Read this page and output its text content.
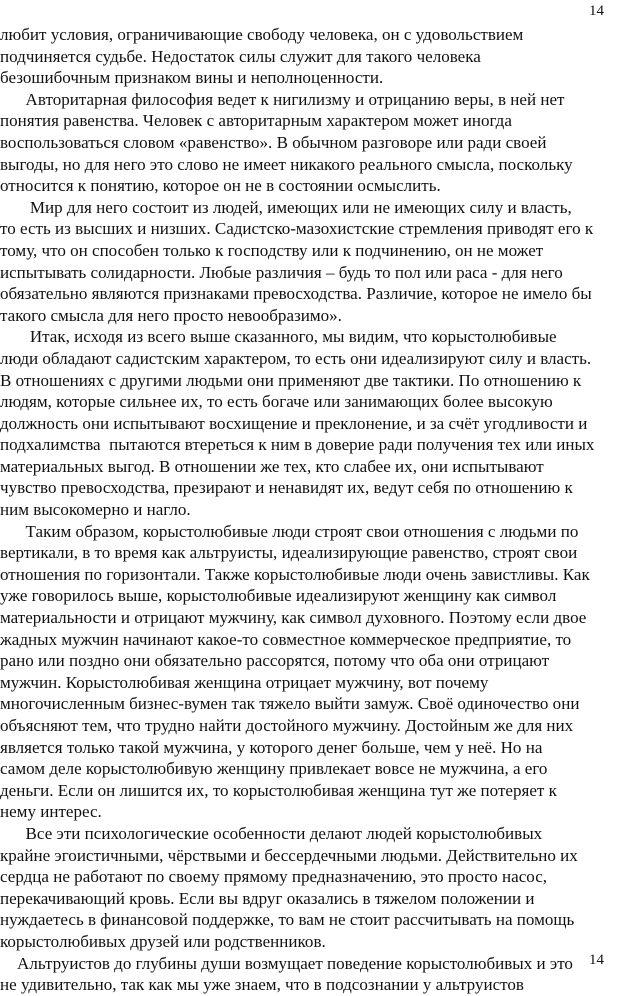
14

любит условия, ограничивающие свободу человека, он с удовольствием
подчиняется судьбе. Недостаток силы служит для такого человека
безошибочным признаком вины и неполноценности.

Авторитарная философия ведет к нигилизму и отрицанию веры, в ней нет
понятия равенства. Человек с авторитарным характером может иногда
воспользоваться словом «равенство». В обычном разговоре или ради своей
выгоды, но для него это слово не имеет никакого реального смысла, поскольку
относится к понятию, которое он не в состоянии осмыслить.

Мир для него состоит из людей, имеющих или не имеющих силу и власть,
то есть из высших и низших. Садистско-мазохистские стремления приводят его к
тому, что он способен только к господству или к подчинению, он не может
испытывать солидарности. Любые различия – будь то пол или раса - для него
обязательно являются признаками превосходства. Различие, которое не имело бы
такого смысла для него просто невообразимо».

Итак, исходя из всего выше сказанного, мы видим, что корыстолюбивые
люди обладают садистским характером, то есть они идеализируют силу и власть.
В отношениях с другими людьми они применяют две тактики. По отношению к
людям, которые сильнее их, то есть богаче или занимающих более высокую
должность они испытывают восхищение и преклонение, и за счёт угодливости и
подхалимства  пытаются втереться к ним в доверие ради получения тех или иных
материальных выгод. В отношении же тех, кто слабее их, они испытывают
чувство превосходства, презирают и ненавидят их, ведут себя по отношению к
ним высокомерно и нагло.

Таким образом, корыстолюбивые люди строят свои отношения с людьми по
вертикали, в то время как альтруисты, идеализирующие равенство, строят свои
отношения по горизонтали. Также корыстолюбивые люди очень завистливы. Как
уже говорилось выше, корыстолюбивые идеализируют женщину как символ
материальности и отрицают мужчину, как символ духовного. Поэтому если двое
жадных мужчин начинают какое-то совместное коммерческое предприятие, то
рано или поздно они обязательно рассорятся, потому что оба они отрицают
мужчин. Корыстолюбивая женщина отрицает мужчину, вот почему
многочисленным бизнес-вумен так тяжело выйти замуж. Своё одиночество они
объясняют тем, что трудно найти достойного мужчину. Достойным же для них
является только такой мужчина, у которого денег больше, чем у неё. Но на
самом деле корыстолюбивую женщину привлекает вовсе не мужчина, а его
деньги. Если он лишится их, то корыстолюбивая женщина тут же потеряет к
нему интерес.

Все эти психологические особенности делают людей корыстолюбивых
крайне эгоистичными, чёрствыми и бессердечными людьми. Действительно их
сердца не работают по своему прямому предназначению, это просто насос,
перекачивающий кровь. Если вы вдруг оказались в тяжелом положении и
нуждаетесь в финансовой поддержке, то вам не стоит рассчитывать на помощь
корыстолюбивых друзей или родственников.

Альтруистов до глубины души возмущает поведение корыстолюбивых и это
не удивительно, так как мы уже знаем, что в подсознании у альтруистов

14
